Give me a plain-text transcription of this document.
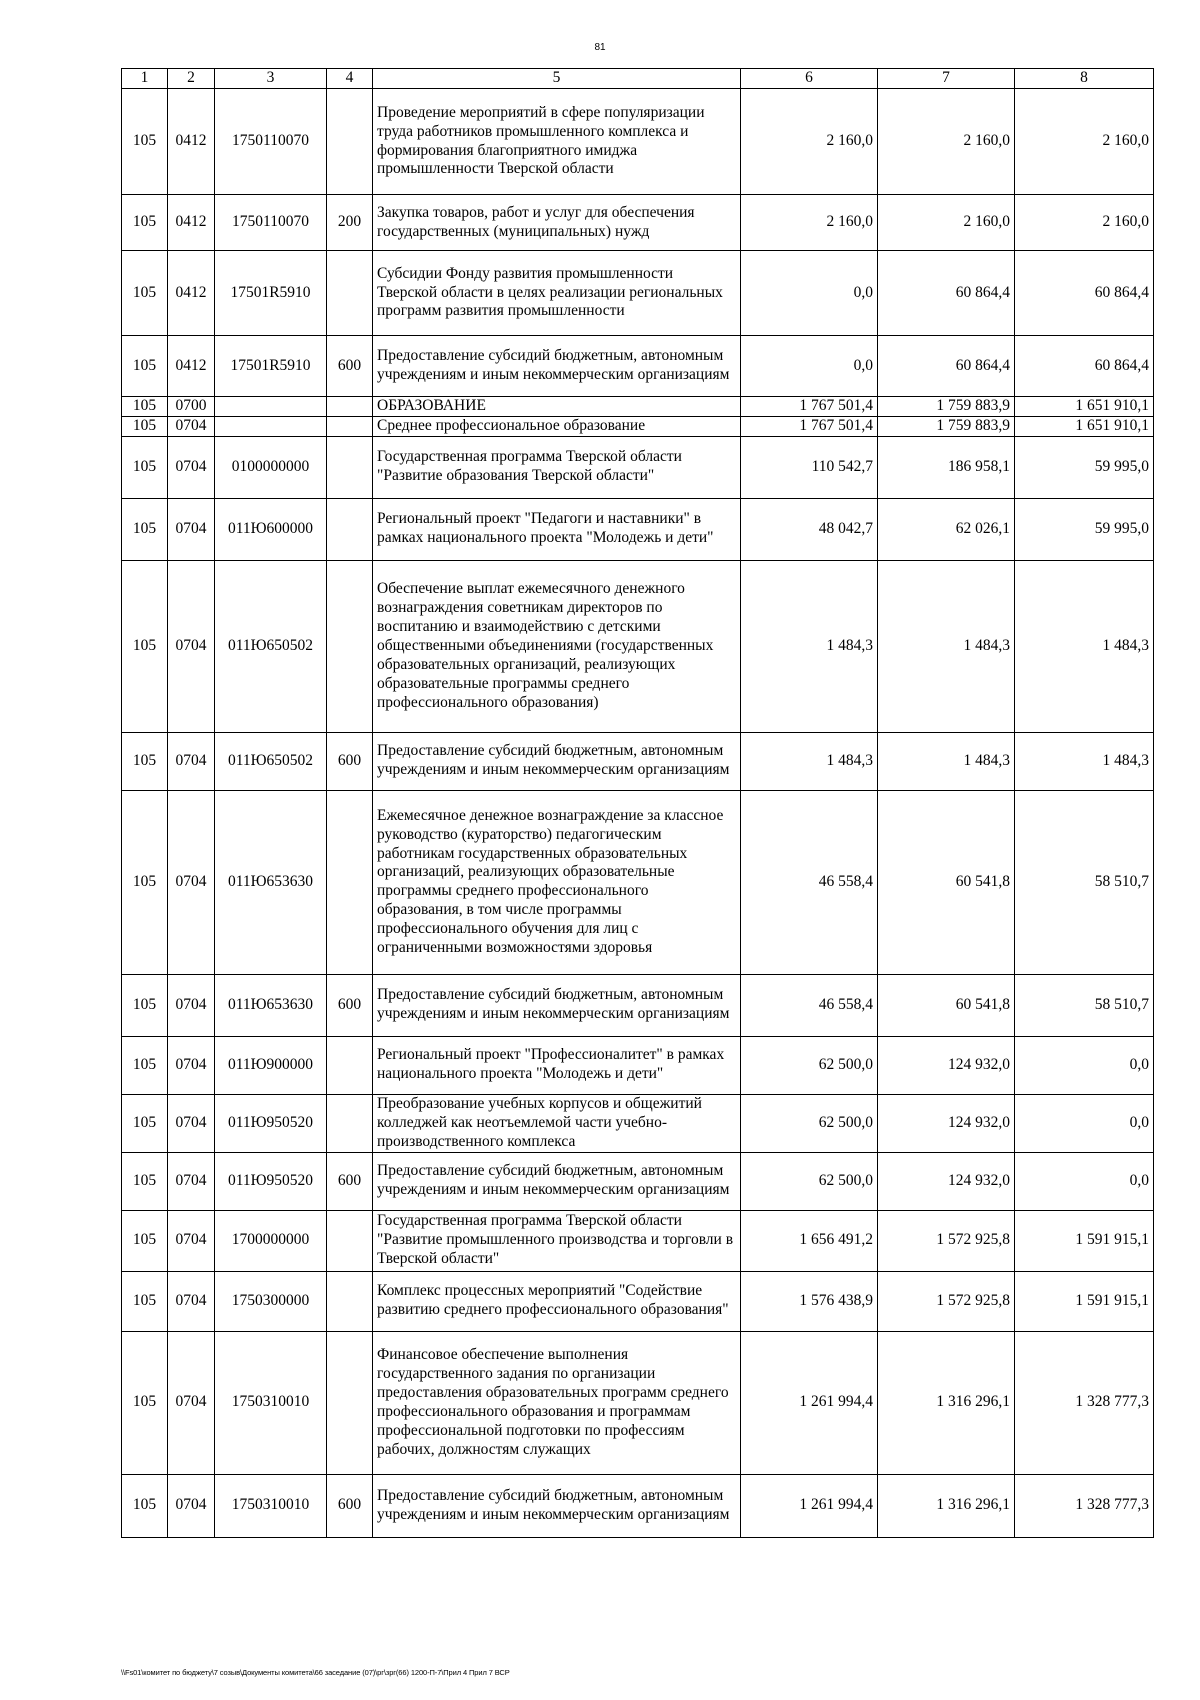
81
1	2	3	4	5	6	7	8
105	0412	1750110070		Проведение мероприятий в сфере популяризации труда работников промышленного комплекса и формирования благоприятного имиджа промышленности Тверской области	2 160,0	2 160,0	2 160,0
105	0412	1750110070	200	Закупка товаров, работ и услуг для обеспечения государственных (муниципальных) нужд	2 160,0	2 160,0	2 160,0
105	0412	17501R5910		Субсидии Фонду развития промышленности Тверской области в целях реализации региональных программ развития промышленности	0,0	60 864,4	60 864,4
105	0412	17501R5910	600	Предоставление субсидий бюджетным, автономным учреждениям и иным некоммерческим организациям	0,0	60 864,4	60 864,4
105	0700			ОБРАЗОВАНИЕ	1 767 501,4	1 759 883,9	1 651 910,1
105	0704			Среднее профессиональное образование	1 767 501,4	1 759 883,9	1 651 910,1
105	0704	0100000000		Государственная программа Тверской области "Развитие образования Тверской области"	110 542,7	186 958,1	59 995,0
105	0704	011Ю600000		Региональный проект "Педагоги и наставники" в рамках национального проекта "Молодежь и дети"	48 042,7	62 026,1	59 995,0
105	0704	011Ю650502		Обеспечение выплат ежемесячного денежного вознаграждения советникам директоров по воспитанию и взаимодействию с детскими общественными объединениями (государственных образовательных организаций, реализующих образовательные программы среднего профессионального образования)	1 484,3	1 484,3	1 484,3
105	0704	011Ю650502	600	Предоставление субсидий бюджетным, автономным учреждениям и иным некоммерческим организациям	1 484,3	1 484,3	1 484,3
105	0704	011Ю653630		Ежемесячное денежное вознаграждение за классное руководство (кураторство) педагогическим работникам государственных образовательных организаций, реализующих образовательные программы среднего профессионального образования, в том числе программы профессионального обучения для лиц с ограниченными возможностями здоровья	46 558,4	60 541,8	58 510,7
105	0704	011Ю653630	600	Предоставление субсидий бюджетным, автономным учреждениям и иным некоммерческим организациям	46 558,4	60 541,8	58 510,7
105	0704	011Ю900000		Региональный проект "Профессионалитет" в рамках национального проекта "Молодежь и дети"	62 500,0	124 932,0	0,0
105	0704	011Ю950520		Преобразование учебных корпусов и общежитий колледжей как неотъемлемой части учебно-производственного комплекса	62 500,0	124 932,0	0,0
105	0704	011Ю950520	600	Предоставление субсидий бюджетным, автономным учреждениям и иным некоммерческим организациям	62 500,0	124 932,0	0,0
105	0704	1700000000		Государственная программа Тверской области "Развитие промышленного производства и торговли в Тверской области"	1 656 491,2	1 572 925,8	1 591 915,1
105	0704	1750300000		Комплекс процессных мероприятий "Содействие развитию среднего профессионального образования"	1 576 438,9	1 572 925,8	1 591 915,1
105	0704	1750310010		Финансовое обеспечение выполнения государственного задания по организации предоставления образовательных программ среднего профессионального образования и программам профессиональной подготовки по профессиям рабочих, должностям служащих	1 261 994,4	1 316 296,1	1 328 777,3
105	0704	1750310010	600	Предоставление субсидий бюджетным, автономным учреждениям и иным некоммерческим организациям	1 261 994,4	1 316 296,1	1 328 777,3
\\Fs01\комитет по бюджету\7 созыв\Документы комитета\66 заседание (07)\рг\зрг(66) 1200-П-7\Прил 4 Прил 7 ВСР
